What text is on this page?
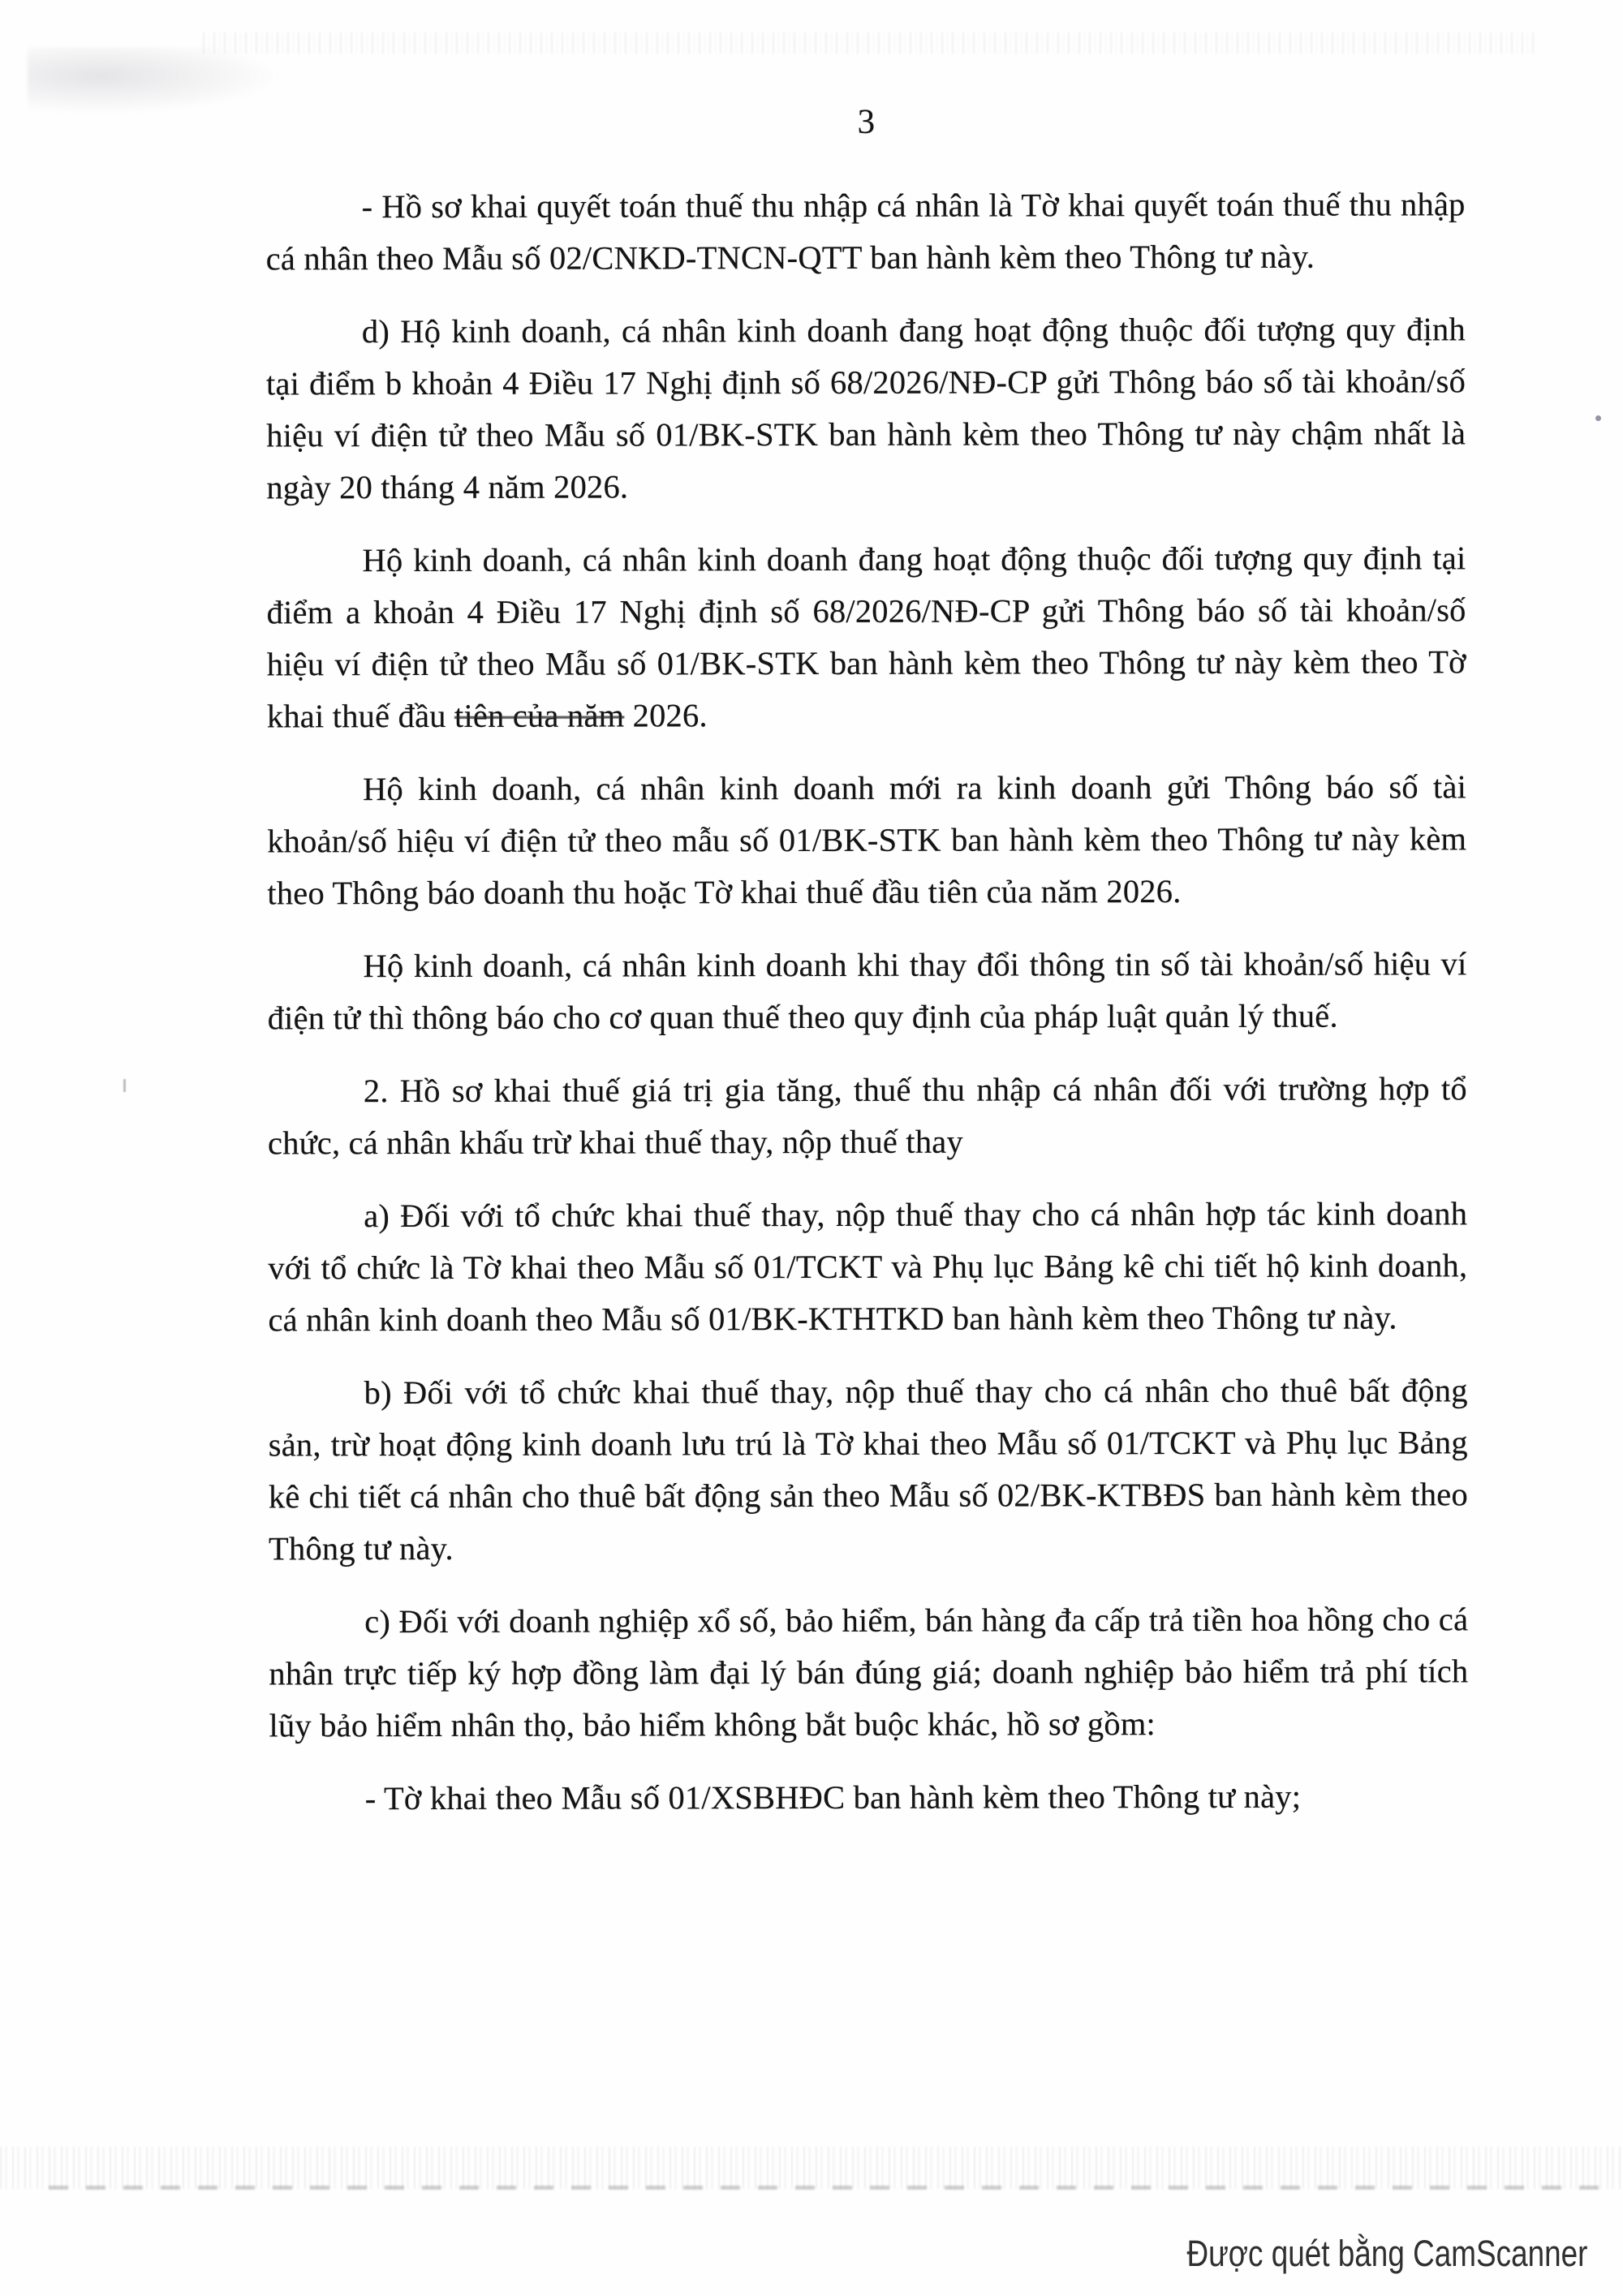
3

- Hồ sơ khai quyết toán thuế thu nhập cá nhân là Tờ khai quyết toán thuế thu nhập cá nhân theo Mẫu số 02/CNKD-TNCN-QTT ban hành kèm theo Thông tư này.

d) Hộ kinh doanh, cá nhân kinh doanh đang hoạt động thuộc đối tượng quy định tại điểm b khoản 4 Điều 17 Nghị định số 68/2026/NĐ-CP gửi Thông báo số tài khoản/số hiệu ví điện tử theo Mẫu số 01/BK-STK ban hành kèm theo Thông tư này chậm nhất là ngày 20 tháng 4 năm 2026.

Hộ kinh doanh, cá nhân kinh doanh đang hoạt động thuộc đối tượng quy định tại điểm a khoản 4 Điều 17 Nghị định số 68/2026/NĐ-CP gửi Thông báo số tài khoản/số hiệu ví điện tử theo Mẫu số 01/BK-STK ban hành kèm theo Thông tư này kèm theo Tờ khai thuế đầu tiên của năm 2026.

Hộ kinh doanh, cá nhân kinh doanh mới ra kinh doanh gửi Thông báo số tài khoản/số hiệu ví điện tử theo mẫu số 01/BK-STK ban hành kèm theo Thông tư này kèm theo Thông báo doanh thu hoặc Tờ khai thuế đầu tiên của năm 2026.

Hộ kinh doanh, cá nhân kinh doanh khi thay đổi thông tin số tài khoản/số hiệu ví điện tử thì thông báo cho cơ quan thuế theo quy định của pháp luật quản lý thuế.

2. Hồ sơ khai thuế giá trị gia tăng, thuế thu nhập cá nhân đối với trường hợp tổ chức, cá nhân khấu trừ khai thuế thay, nộp thuế thay

a) Đối với tổ chức khai thuế thay, nộp thuế thay cho cá nhân hợp tác kinh doanh với tổ chức là Tờ khai theo Mẫu số 01/TCKT và Phụ lục Bảng kê chi tiết hộ kinh doanh, cá nhân kinh doanh theo Mẫu số 01/BK-KTHTKD ban hành kèm theo Thông tư này.

b) Đối với tổ chức khai thuế thay, nộp thuế thay cho cá nhân cho thuê bất động sản, trừ hoạt động kinh doanh lưu trú là Tờ khai theo Mẫu số 01/TCKT và Phụ lục Bảng kê chi tiết cá nhân cho thuê bất động sản theo Mẫu số 02/BK-KTBĐS ban hành kèm theo Thông tư này.

c) Đối với doanh nghiệp xổ số, bảo hiểm, bán hàng đa cấp trả tiền hoa hồng cho cá nhân trực tiếp ký hợp đồng làm đại lý bán đúng giá; doanh nghiệp bảo hiểm trả phí tích lũy bảo hiểm nhân thọ, bảo hiểm không bắt buộc khác, hồ sơ gồm:

- Tờ khai theo Mẫu số 01/XSBHĐC ban hành kèm theo Thông tư này;

Được quét bằng CamScanner
